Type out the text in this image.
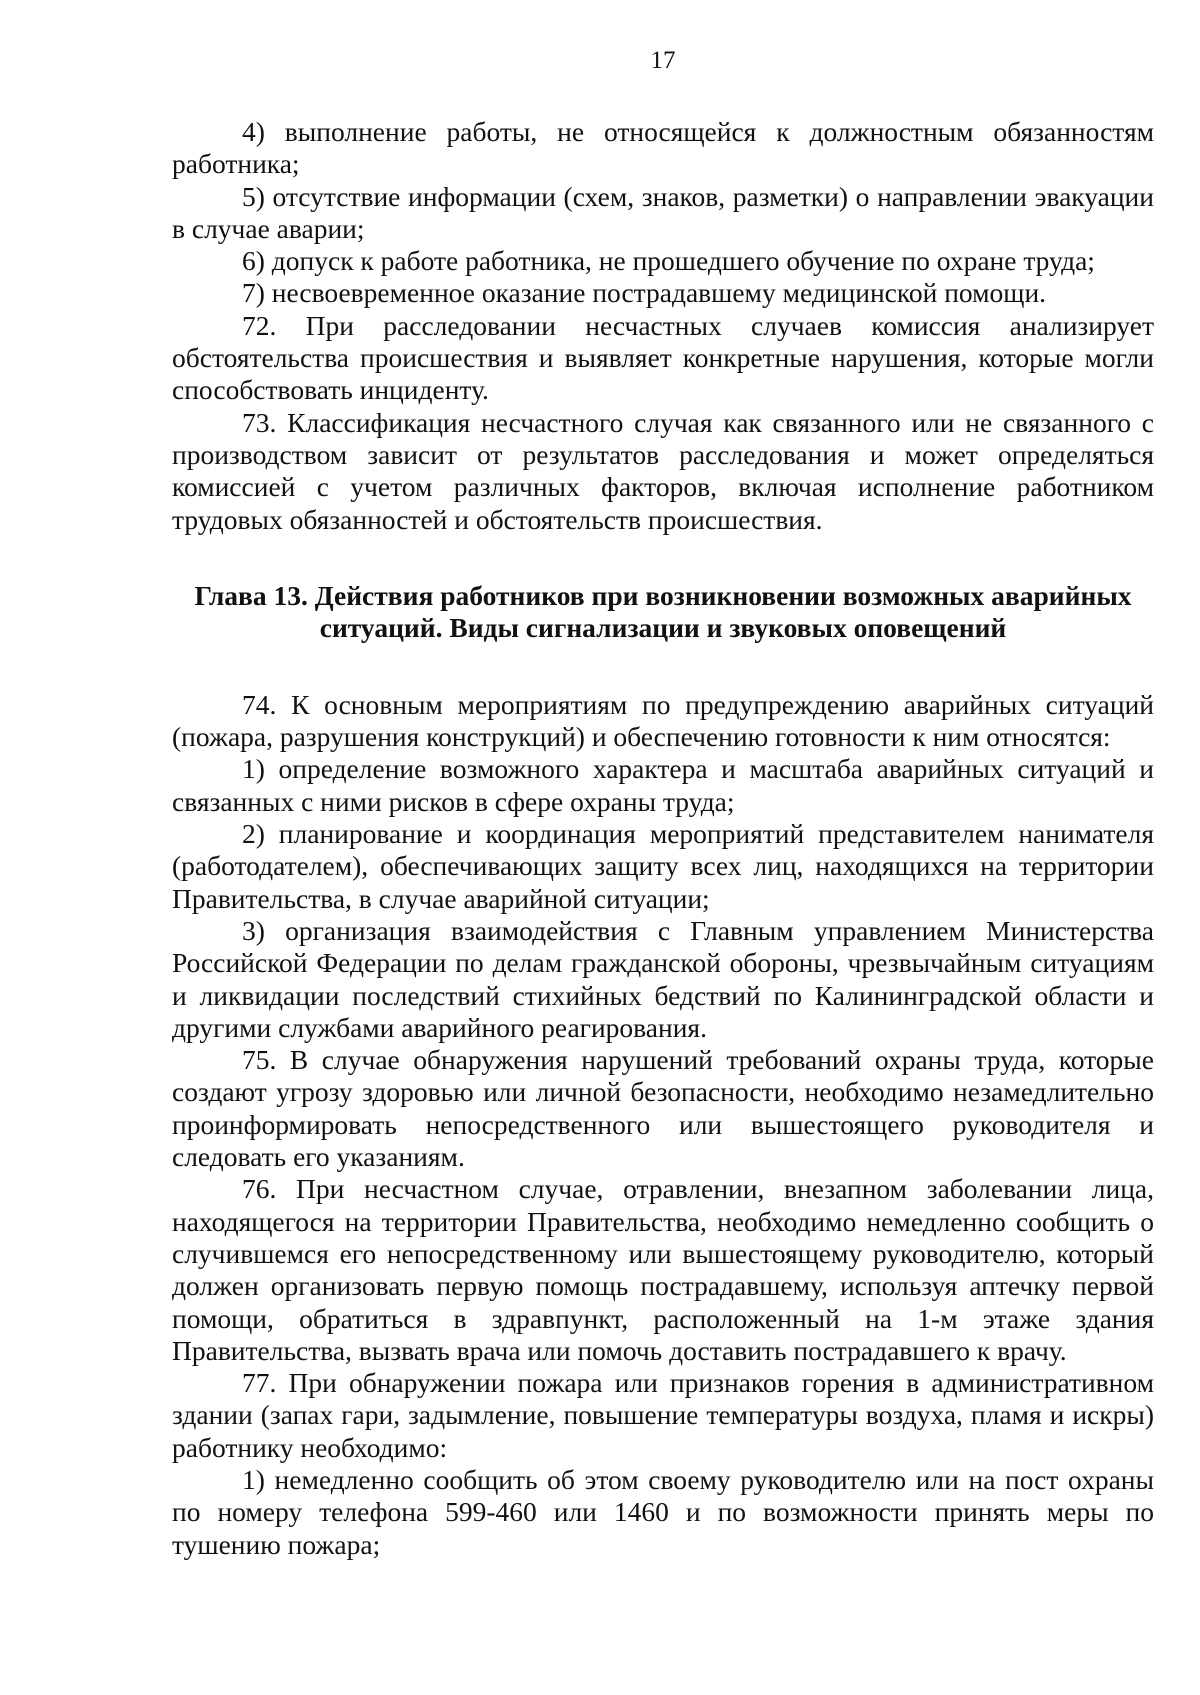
17

4) выполнение работы, не относящейся к должностным обязанностям работника;

5) отсутствие информации (схем, знаков, разметки) о направлении эвакуации в случае аварии;

6) допуск к работе работника, не прошедшего обучение по охране труда;

7) несвоевременное оказание пострадавшему медицинской помощи.

72. При расследовании несчастных случаев комиссия анализирует обстоятельства происшествия и выявляет конкретные нарушения, которые могли способствовать инциденту.

73. Классификация несчастного случая как связанного или не связанного с производством зависит от результатов расследования и может определяться комиссией с учетом различных факторов, включая исполнение работником трудовых обязанностей и обстоятельств происшествия.

Глава 13. Действия работников при возникновении возможных аварийных
ситуаций. Виды сигнализации и звуковых оповещений

74. К основным мероприятиям по предупреждению аварийных ситуаций (пожара, разрушения конструкций) и обеспечению готовности к ним относятся:

1) определение возможного характера и масштаба аварийных ситуаций и связанных с ними рисков в сфере охраны труда;

2) планирование и координация мероприятий представителем нанимателя (работодателем), обеспечивающих защиту всех лиц, находящихся на территории Правительства, в случае аварийной ситуации;

3) организация взаимодействия с Главным управлением Министерства Российской Федерации по делам гражданской обороны, чрезвычайным ситуациям и ликвидации последствий стихийных бедствий по Калининградской области и другими службами аварийного реагирования.

75. В случае обнаружения нарушений требований охраны труда, которые создают угрозу здоровью или личной безопасности, необходимо незамедлительно проинформировать непосредственного или вышестоящего руководителя и следовать его указаниям.

76. При несчастном случае, отравлении, внезапном заболевании лица, находящегося на территории Правительства, необходимо немедленно сообщить о случившемся его непосредственному или вышестоящему руководителю, который должен организовать первую помощь пострадавшему, используя аптечку первой помощи, обратиться в здравпункт, расположенный на 1-м этаже здания Правительства, вызвать врача или помочь доставить пострадавшего к врачу.

77. При обнаружении пожара или признаков горения в административном здании (запах гари, задымление, повышение температуры воздуха, пламя и искры) работнику необходимо:

1) немедленно сообщить об этом своему руководителю или на пост охраны по номеру телефона 599-460 или 1460 и по возможности принять меры по тушению пожара;
